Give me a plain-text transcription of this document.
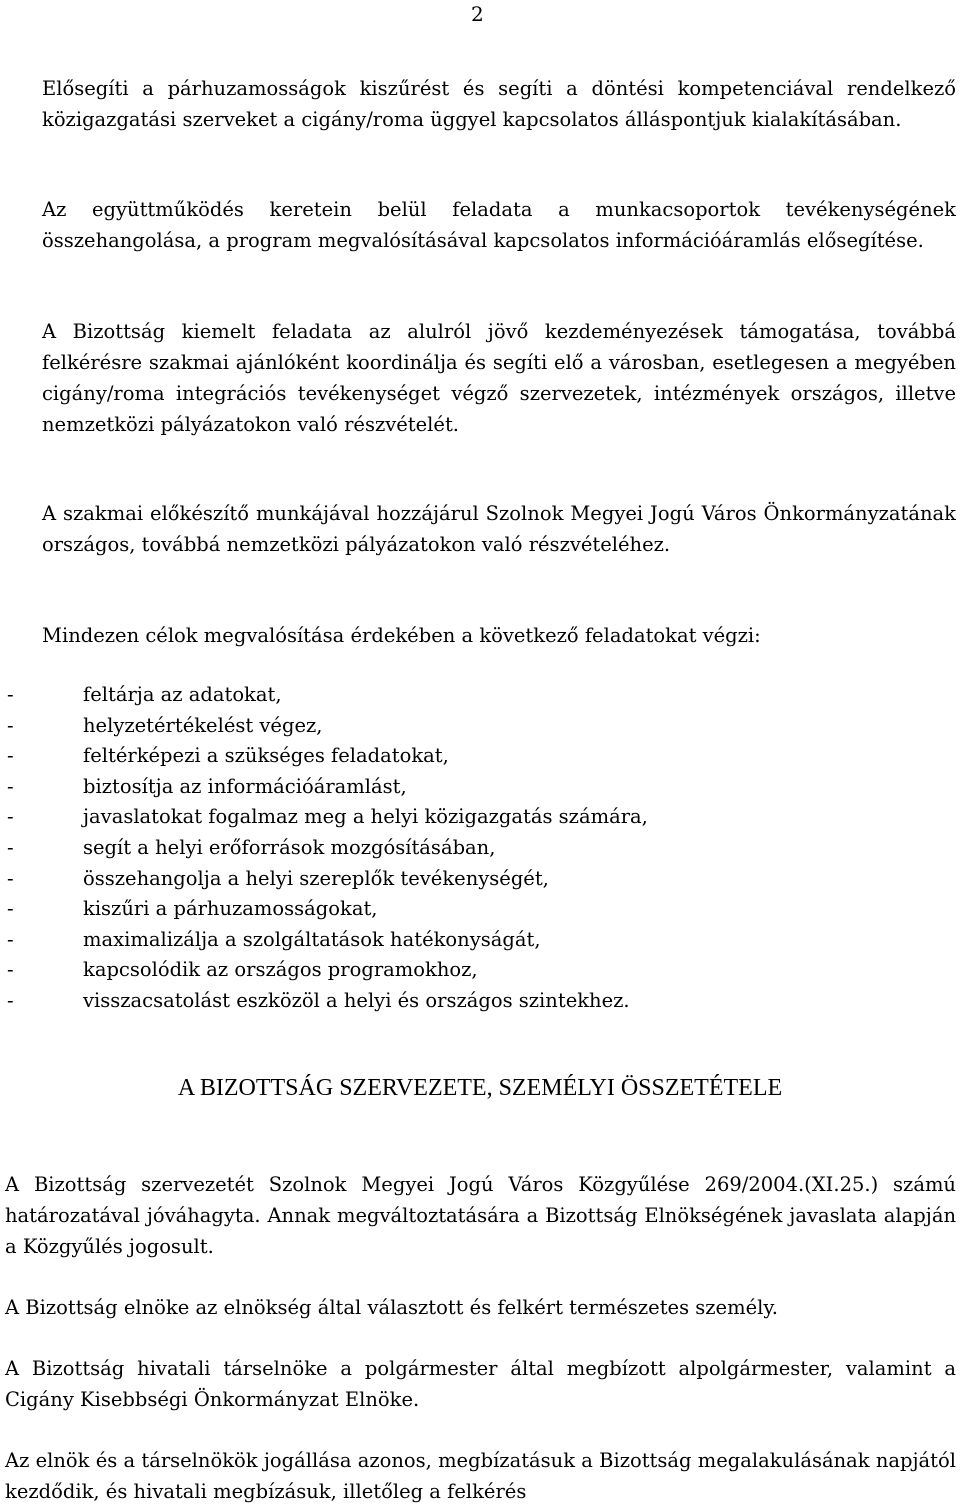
2

Elősegíti a párhuzamosságok kiszűrést és segíti a döntési kompetenciával rendelkező közigazgatási szerveket a cigány/roma üggyel kapcsolatos álláspontjuk kialakításában.

Az együttműködés keretein belül feladata a munkacsoportok tevékenységének összehangolása, a program megvalósításával kapcsolatos információáramlás elősegítése.

A Bizottság kiemelt feladata az alulról jövő kezdeményezések támogatása, továbbá felkérésre szakmai ajánlóként koordinálja és segíti elő a városban, esetlegesen a megyében cigány/roma integrációs tevékenységet végző szervezetek, intézmények országos, illetve nemzetközi pályázatokon való részvételét.

A szakmai előkészítő munkájával hozzájárul Szolnok Megyei Jogú Város Önkormányzatának országos, továbbá nemzetközi pályázatokon való részvételéhez.

Mindezen célok megvalósítása érdekében a következő feladatokat végzi:

-	feltárja az adatokat,
-	helyzetértékelést végez,
-	feltérképezi a szükséges feladatokat,
-	biztosítja az információáramlást,
-	javaslatokat fogalmaz meg a helyi közigazgatás számára,
-	segít a helyi erőforrások mozgósításában,
-	összehangolja a helyi szereplők tevékenységét,
-	kiszűri a párhuzamosságokat,
-	maximalizálja a szolgáltatások hatékonyságát,
-	kapcsolódik az országos programokhoz,
-	visszacsatolást eszközöl a helyi és országos szintekhez.
A BIZOTTSÁG SZERVEZETE, SZEMÉLYI ÖSSZETÉTELE

A Bizottság szervezetét Szolnok Megyei Jogú Város Közgyűlése 269/2004.(XI.25.) számú határozatával jóváhagyta. Annak megváltoztatására a Bizottság Elnökségének javaslata alapján a Közgyűlés jogosult.

A Bizottság elnöke az elnökség által választott és felkért természetes személy.

A Bizottság hivatali társelnöke a polgármester által megbízott alpolgármester, valamint a Cigány Kisebbségi Önkormányzat Elnöke.

Az elnök és a társelnökök jogállása azonos, megbízatásuk a Bizottság megalakulásának napjától kezdődik, és hivatali megbízásuk, illetőleg a felkérés
